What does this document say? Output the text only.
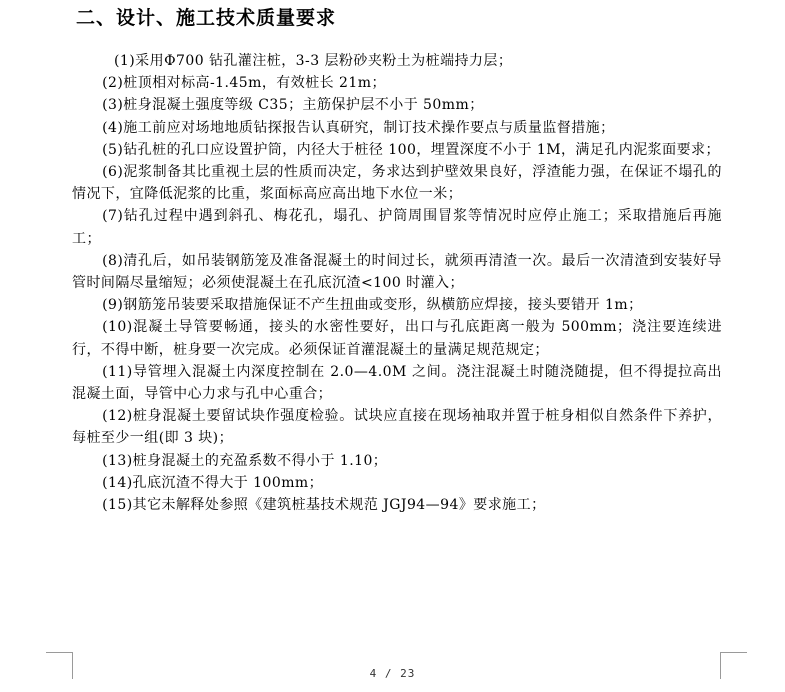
二、设计、施工技术质量要求

(1)采用Φ700 钻孔灌注桩，3-3 层粉砂夹粉土为桩端持力层；

(2)桩顶相对标高-1.45m，有效桩长 21m；

(3)桩身混凝土强度等级 C35；主筋保护层不小于 50mm；

(4)施工前应对场地地质钻探报告认真研究，制订技术操作要点与质量监督措施；

(5)钻孔桩的孔口应设置护筒，内径大于桩径 100，埋置深度不小于 1M，满足孔内泥浆面要求；

(6)泥浆制备其比重视土层的性质而决定，务求达到护壁效果良好，浮渣能力强，在保证不塌孔的情况下，宜降低泥浆的比重，浆面标高应高出地下水位一米；

(7)钻孔过程中遇到斜孔、梅花孔，塌孔、护筒周围冒浆等情况时应停止施工；采取措施后再施工；

(8)清孔后，如吊装钢筋笼及准备混凝土的时间过长，就须再清渣一次。最后一次清渣到安装好导管时间隔尽量缩短；必须使混凝土在孔底沉渣<100 时灌入；

(9)钢筋笼吊装要采取措施保证不产生扭曲或变形，纵横筋应焊接，接头要错开 1m；

(10)混凝土导管要畅通，接头的水密性要好，出口与孔底距离一般为 500mm；浇注要连续进行，不得中断，桩身要一次完成。必须保证首灌混凝土的量满足规范规定；

(11)导管埋入混凝土内深度控制在 2.0—4.0M 之间。浇注混凝土时随浇随提，但不得提拉高出混凝土面，导管中心力求与孔中心重合；

(12)桩身混凝土要留试块作强度检验。试块应直接在现场袖取并置于桩身相似自然条件下养护，每桩至少一组(即 3 块)；

(13)桩身混凝土的充盈系数不得小于 1.10；

(14)孔底沉渣不得大于 100mm；

(15)其它未解释处参照《建筑桩基技术规范 JGJ94—94》要求施工；

4 / 23
